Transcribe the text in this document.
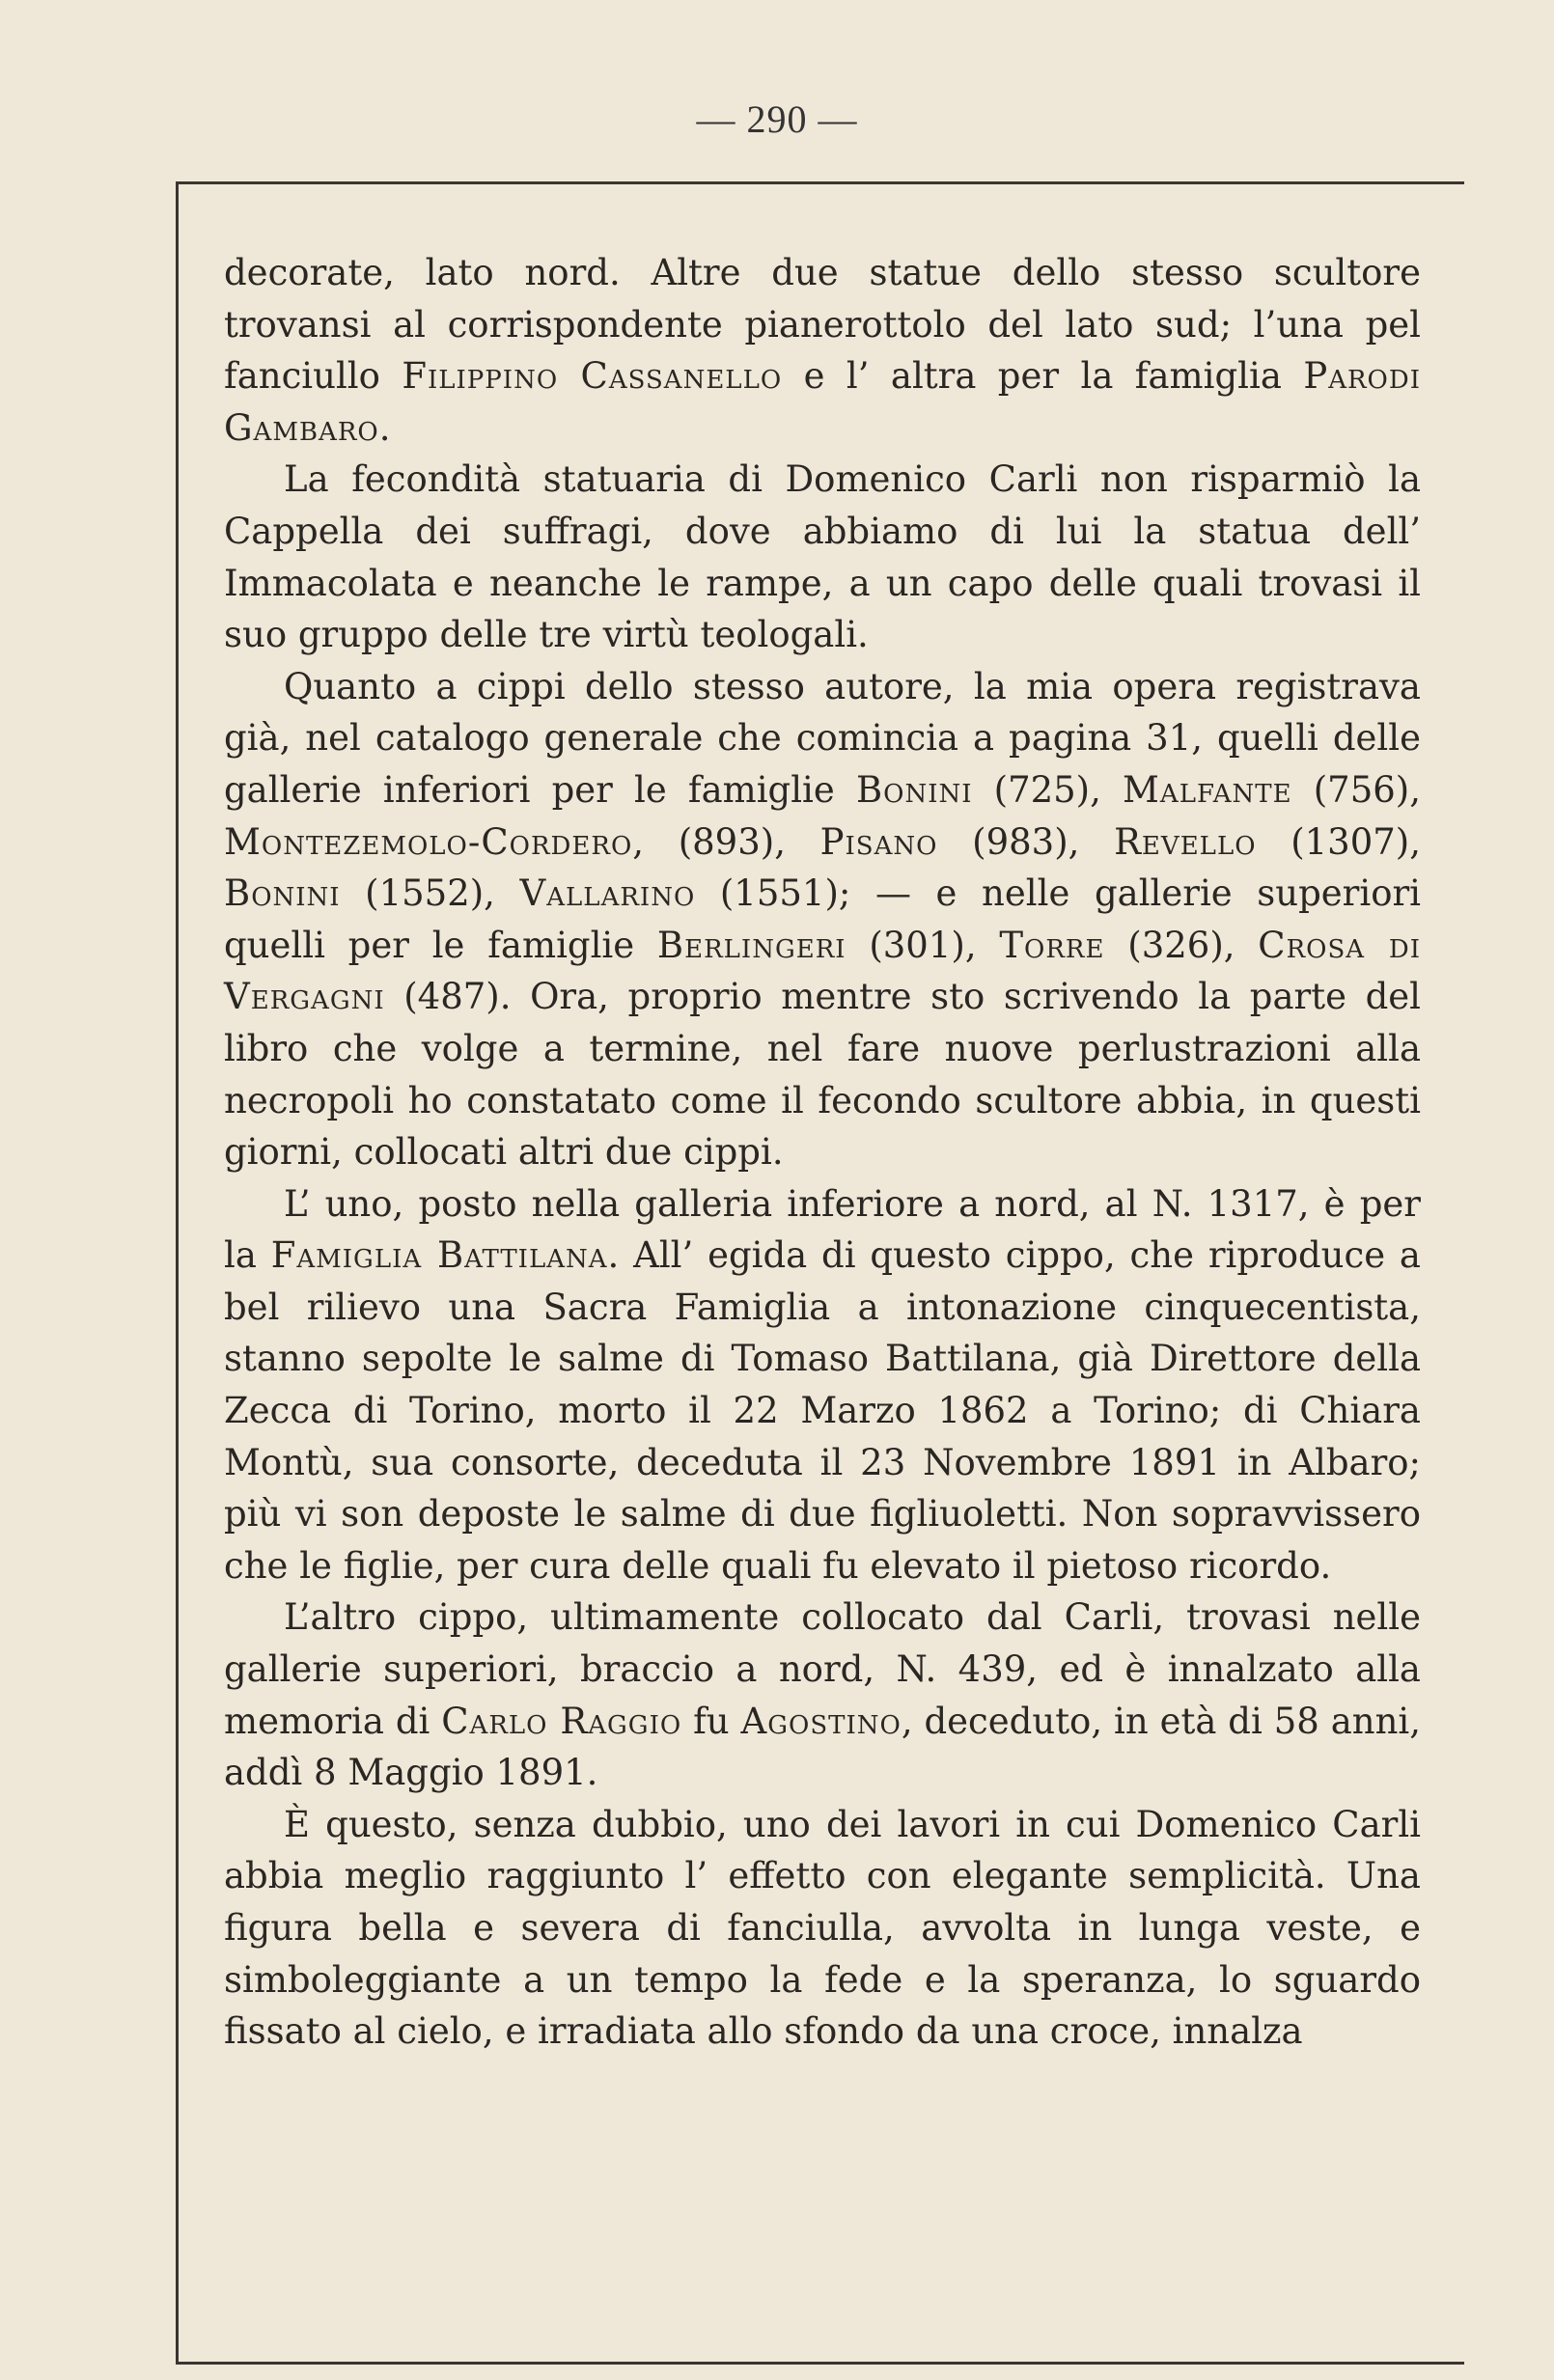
— 290 —

decorate, lato nord. Altre due statue dello stesso scultore trovansi al corrispondente pianerottolo del lato sud; l’una pel fanciullo Filippino Cassanello e l’ altra per la famiglia Parodi Gambaro.

La fecondità statuaria di Domenico Carli non risparmiò la Cappella dei suffragi, dove abbiamo di lui la statua dell’ Immacolata e neanche le rampe, a un capo delle quali trovasi il suo gruppo delle tre virtù teologali.

Quanto a cippi dello stesso autore, la mia opera registrava già, nel catalogo generale che comincia a pagina 31, quelli delle gallerie inferiori per le famiglie Bonini (725), Malfante (756), Montezemolo-Cordero, (893), Pisano (983), Revello (1307), Bonini (1552), Vallarino (1551); — e nelle gallerie superiori quelli per le famiglie Berlingeri (301), Torre (326), Crosa di Vergagni (487). Ora, proprio mentre sto scrivendo la parte del libro che volge a termine, nel fare nuove perlustrazioni alla necropoli ho constatato come il fecondo scultore abbia, in questi giorni, collocati altri due cippi.

L’ uno, posto nella galleria inferiore a nord, al N. 1317, è per la Famiglia Battilana. All’ egida di questo cippo, che riproduce a bel rilievo una Sacra Famiglia a intonazione cinquecentista, stanno sepolte le salme di Tomaso Battilana, già Direttore della Zecca di Torino, morto il 22 Marzo 1862 a Torino; di Chiara Montù, sua consorte, deceduta il 23 Novembre 1891 in Albaro; più vi son deposte le salme di due figliuoletti. Non sopravvissero che le figlie, per cura delle quali fu elevato il pietoso ricordo.

L’altro cippo, ultimamente collocato dal Carli, trovasi nelle gallerie superiori, braccio a nord, N. 439, ed è innalzato alla memoria di Carlo Raggio fu Agostino, deceduto, in età di 58 anni, addì 8 Maggio 1891.

È questo, senza dubbio, uno dei lavori in cui Domenico Carli abbia meglio raggiunto l’ effetto con elegante semplicità. Una figura bella e severa di fanciulla, avvolta in lunga veste, e simboleggiante a un tempo la fede e la speranza, lo sguardo fissato al cielo, e irradiata allo sfondo da una croce, innalza
